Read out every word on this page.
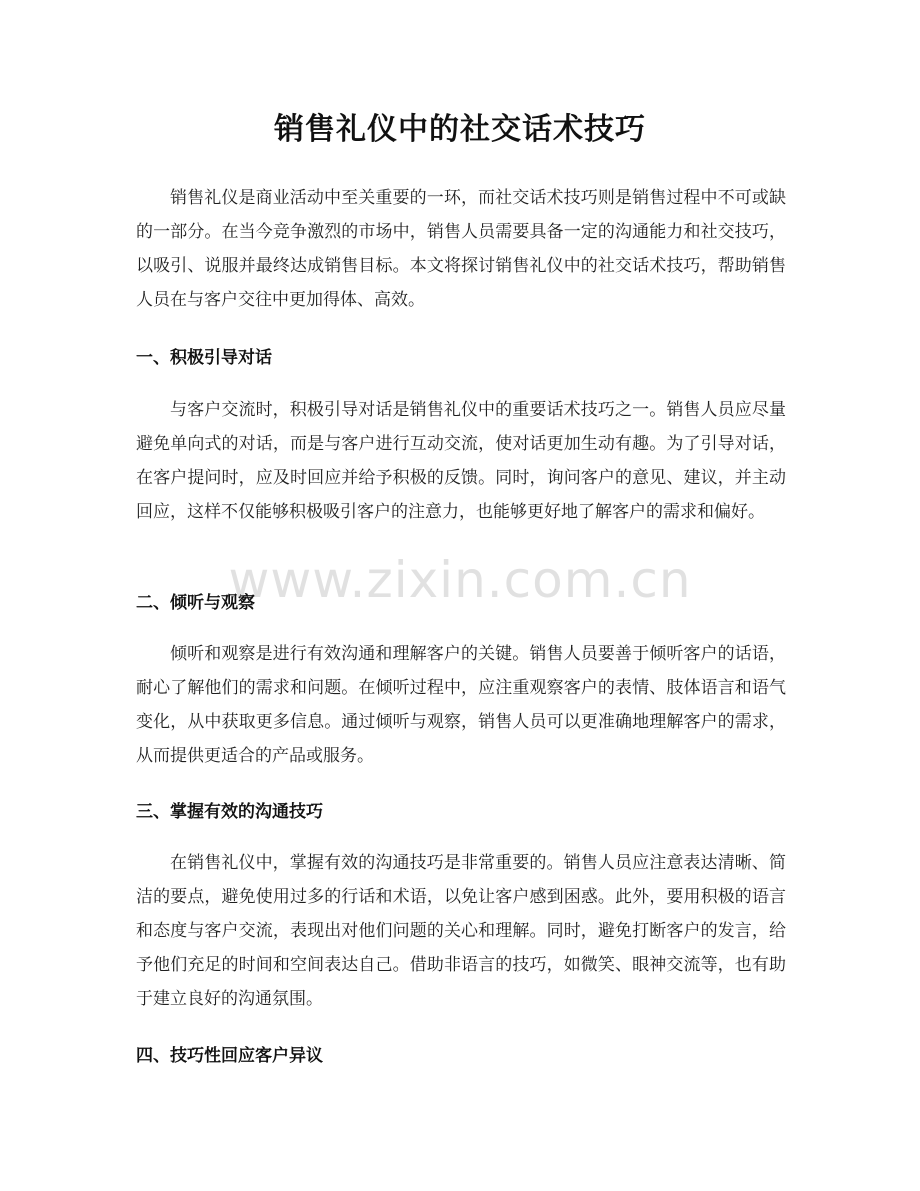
销售礼仪中的社交话术技巧

销售礼仪是商业活动中至关重要的一环，而社交话术技巧则是销售过程中不可或缺的一部分。在当今竞争激烈的市场中，销售人员需要具备一定的沟通能力和社交技巧，以吸引、说服并最终达成销售目标。本文将探讨销售礼仪中的社交话术技巧，帮助销售人员在与客户交往中更加得体、高效。

一、积极引导对话

与客户交流时，积极引导对话是销售礼仪中的重要话术技巧之一。销售人员应尽量避免单向式的对话，而是与客户进行互动交流，使对话更加生动有趣。为了引导对话，在客户提问时，应及时回应并给予积极的反馈。同时，询问客户的意见、建议，并主动回应，这样不仅能够积极吸引客户的注意力，也能够更好地了解客户的需求和偏好。

二、倾听与观察

倾听和观察是进行有效沟通和理解客户的关键。销售人员要善于倾听客户的话语，耐心了解他们的需求和问题。在倾听过程中，应注重观察客户的表情、肢体语言和语气变化，从中获取更多信息。通过倾听与观察，销售人员可以更准确地理解客户的需求，从而提供更适合的产品或服务。

三、掌握有效的沟通技巧

在销售礼仪中，掌握有效的沟通技巧是非常重要的。销售人员应注意表达清晰、简洁的要点，避免使用过多的行话和术语，以免让客户感到困惑。此外，要用积极的语言和态度与客户交流，表现出对他们问题的关心和理解。同时，避免打断客户的发言，给予他们充足的时间和空间表达自己。借助非语言的技巧，如微笑、眼神交流等，也有助于建立良好的沟通氛围。

四、技巧性回应客户异议
www.zixin.com.cn
